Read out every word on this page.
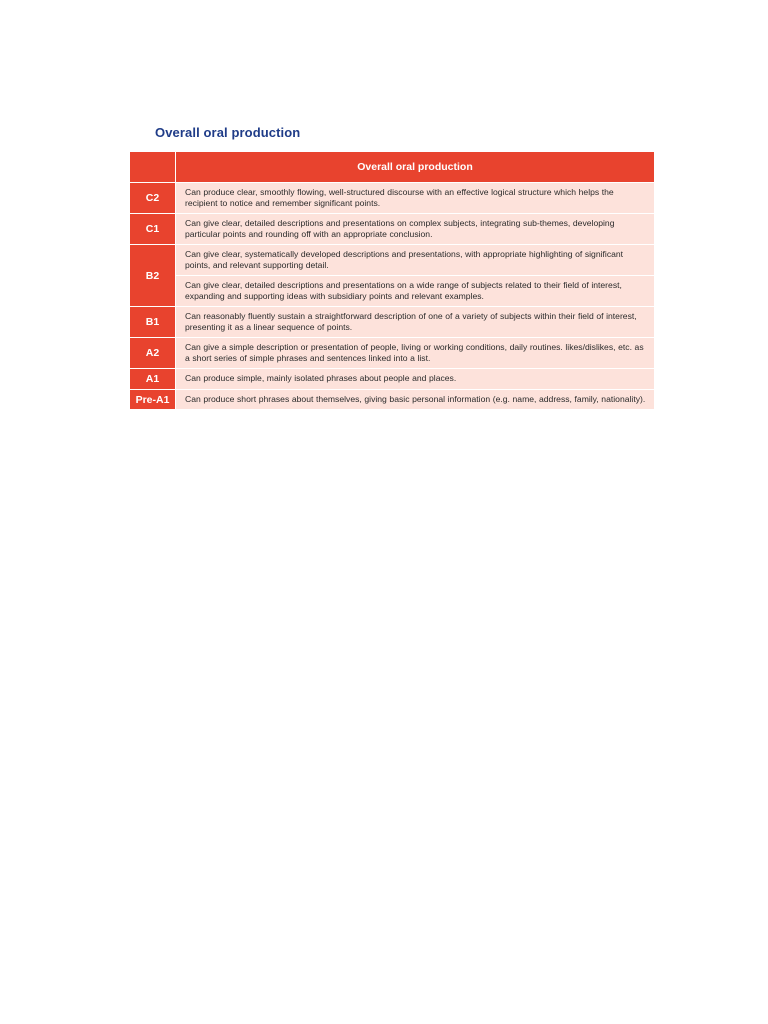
Overall oral production
	Overall oral production
C2	Can produce clear, smoothly flowing, well-structured discourse with an effective logical structure which helps the recipient to notice and remember significant points.
C1	Can give clear, detailed descriptions and presentations on complex subjects, integrating sub-themes, developing particular points and rounding off with an appropriate conclusion.
B2	Can give clear, systematically developed descriptions and presentations, with appropriate highlighting of significant points, and relevant supporting detail.
	Can give clear, detailed descriptions and presentations on a wide range of subjects related to their field of interest, expanding and supporting ideas with subsidiary points and relevant examples.
B1	Can reasonably fluently sustain a straightforward description of one of a variety of subjects within their field of interest, presenting it as a linear sequence of points.
A2	Can give a simple description or presentation of people, living or working conditions, daily routines. likes/dislikes, etc. as a short series of simple phrases and sentences linked into a list.
A1	Can produce simple, mainly isolated phrases about people and places.
Pre-A1	Can produce short phrases about themselves, giving basic personal information (e.g. name, address, family, nationality).
